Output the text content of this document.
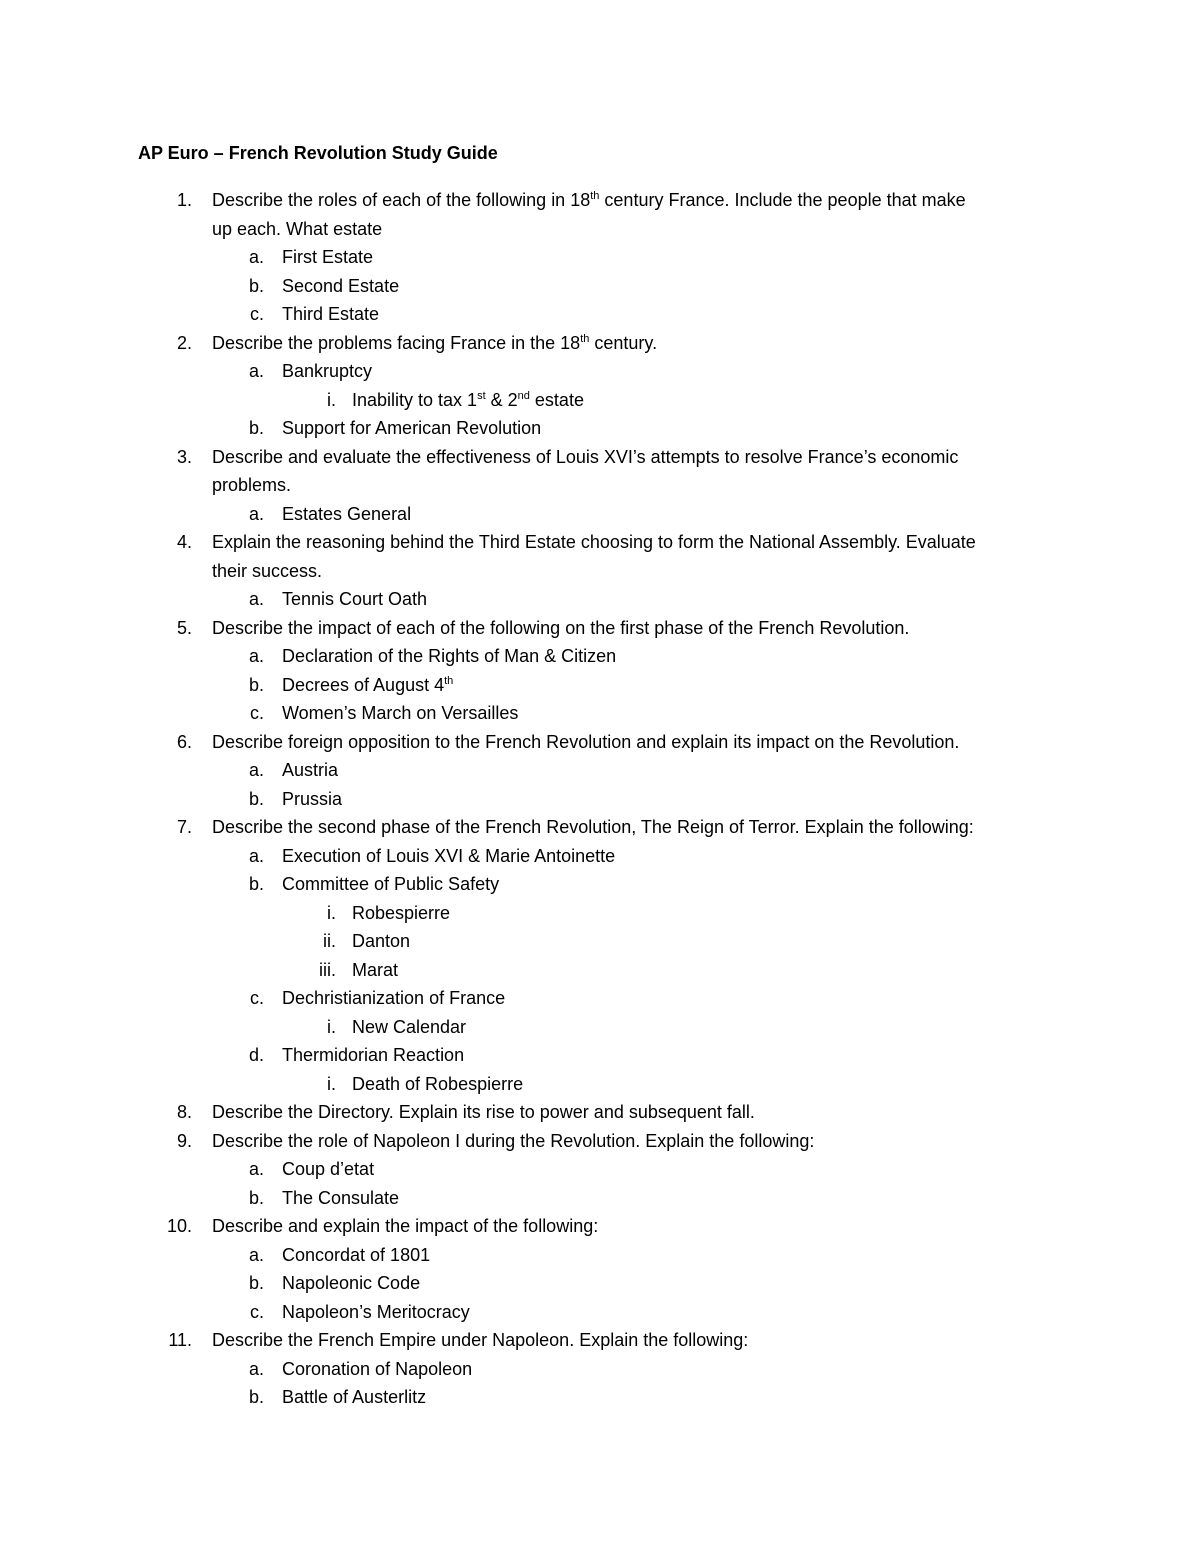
AP Euro – French Revolution Study Guide
1. Describe the roles of each of the following in 18th century France. Include the people that make
up each. What estate
a. First Estate
b. Second Estate
c. Third Estate
2. Describe the problems facing France in the 18th century.
a. Bankruptcy
i. Inability to tax 1st & 2nd estate
b. Support for American Revolution
3. Describe and evaluate the effectiveness of Louis XVI’s attempts to resolve France’s economic
problems.
a. Estates General
4. Explain the reasoning behind the Third Estate choosing to form the National Assembly. Evaluate
their success.
a. Tennis Court Oath
5. Describe the impact of each of the following on the first phase of the French Revolution.
a. Declaration of the Rights of Man & Citizen
b. Decrees of August 4th
c. Women’s March on Versailles
6. Describe foreign opposition to the French Revolution and explain its impact on the Revolution.
a. Austria
b. Prussia
7. Describe the second phase of the French Revolution, The Reign of Terror. Explain the following:
a. Execution of Louis XVI & Marie Antoinette
b. Committee of Public Safety
i. Robespierre
ii. Danton
iii. Marat
c. Dechristianization of France
i. New Calendar
d. Thermidorian Reaction
i. Death of Robespierre
8. Describe the Directory. Explain its rise to power and subsequent fall.
9. Describe the role of Napoleon I during the Revolution. Explain the following:
a. Coup d’etat
b. The Consulate
10. Describe and explain the impact of the following:
a. Concordat of 1801
b. Napoleonic Code
c. Napoleon’s Meritocracy
11. Describe the French Empire under Napoleon. Explain the following:
a. Coronation of Napoleon
b. Battle of Austerlitz
